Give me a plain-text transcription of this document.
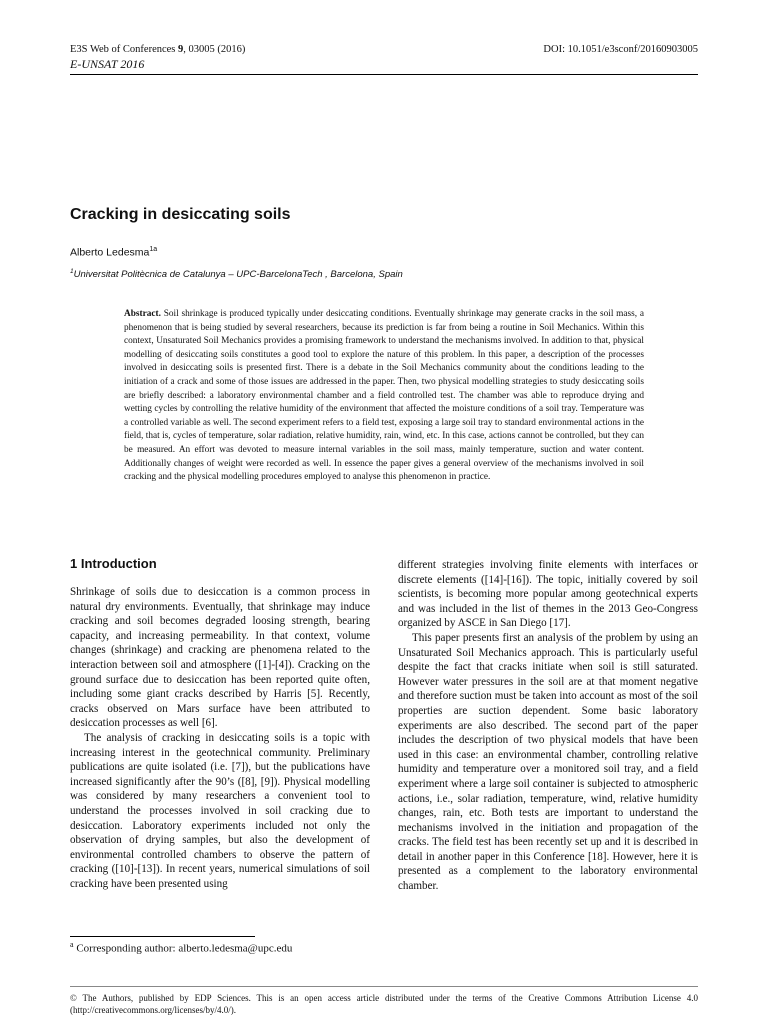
E3S Web of Conferences 9, 03005 (2016)	DOI: 10.1051/e3sconf/20160903005
E-UNSAT 2016
Cracking in desiccating soils
Alberto Ledesma$^{1a}$
$^1$Universitat Politècnica de Catalunya – UPC-BarcelonaTech , Barcelona, Spain

Abstract. Soil shrinkage is produced typically under desiccating conditions. Eventually shrinkage may generate cracks in the soil mass, a phenomenon that is being studied by several researchers, because its prediction is far from being a routine in Soil Mechanics. Within this context, Unsaturated Soil Mechanics provides a promising framework to understand the mechanisms involved. In addition to that, physical modelling of desiccating soils constitutes a good tool to explore the nature of this problem. In this paper, a description of the processes involved in desiccating soils is presented first. There is a debate in the Soil Mechanics community about the conditions leading to the initiation of a crack and some of those issues are addressed in the paper. Then, two physical modelling strategies to study desiccating soils are briefly described: a laboratory environmental chamber and a field controlled test. The chamber was able to reproduce drying and wetting cycles by controlling the relative humidity of the environment that affected the moisture conditions of a soil tray. Temperature was a controlled variable as well. The second experiment refers to a field test, exposing a large soil tray to standard environmental actions in the field, that is, cycles of temperature, solar radiation, relative humidity, rain, wind, etc. In this case, actions cannot be controlled, but they can be measured. An effort was devoted to measure internal variables in the soil mass, mainly temperature, suction and water content. Additionally changes of weight were recorded as well. In essence the paper gives a general overview of the mechanisms involved in soil cracking and the physical modelling procedures employed to analyse this phenomenon in practice.

1 Introduction

Shrinkage of soils due to desiccation is a common process in natural dry environments. Eventually, that shrinkage may induce cracking and soil becomes degraded loosing strength, bearing capacity, and increasing permeability. In that context, volume changes (shrinkage) and cracking are phenomena related to the interaction between soil and atmosphere ([1]-[4]). Cracking on the ground surface due to desiccation has been reported quite often, including some giant cracks described by Harris [5]. Recently, cracks observed on Mars surface have been attributed to desiccation processes as well [6].

The analysis of cracking in desiccating soils is a topic with increasing interest in the geotechnical community. Preliminary publications are quite isolated (i.e. [7]), but the publications have increased significantly after the 90’s ([8], [9]). Physical modelling was considered by many researchers a convenient tool to understand the processes involved in soil cracking due to desiccation. Laboratory experiments included not only the observation of drying samples, but also the development of environmental controlled chambers to observe the pattern of cracking ([10]-[13]). In recent years, numerical simulations of soil cracking have been presented using

different strategies involving finite elements with interfaces or discrete elements ([14]-[16]). The topic, initially covered by soil scientists, is becoming more popular among geotechnical experts and was included in the list of themes in the 2013 Geo-Congress organized by ASCE in San Diego [17].

This paper presents first an analysis of the problem by using an Unsaturated Soil Mechanics approach. This is particularly useful despite the fact that cracks initiate when soil is still saturated. However water pressures in the soil are at that moment negative and therefore suction must be taken into account as most of the soil properties are suction dependent. Some basic laboratory experiments are also described. The second part of the paper includes the description of two physical models that have been used in this case: an environmental chamber, controlling relative humidity and temperature over a monitored soil tray, and a field experiment where a large soil container is subjected to atmospheric actions, i.e., solar radiation, temperature, wind, relative humidity changes, rain, etc. Both tests are important to understand the mechanisms involved in the initiation and propagation of the cracks. The field test has been recently set up and it is described in detail in another paper in this Conference [18]. However, here it is presented as a complement to the laboratory environmental chamber.

$^a$ Corresponding author: alberto.ledesma@upc.edu

© The Authors, published by EDP Sciences. This is an open access article distributed under the terms of the Creative Commons Attribution License 4.0 (http://creativecommons.org/licenses/by/4.0/).
